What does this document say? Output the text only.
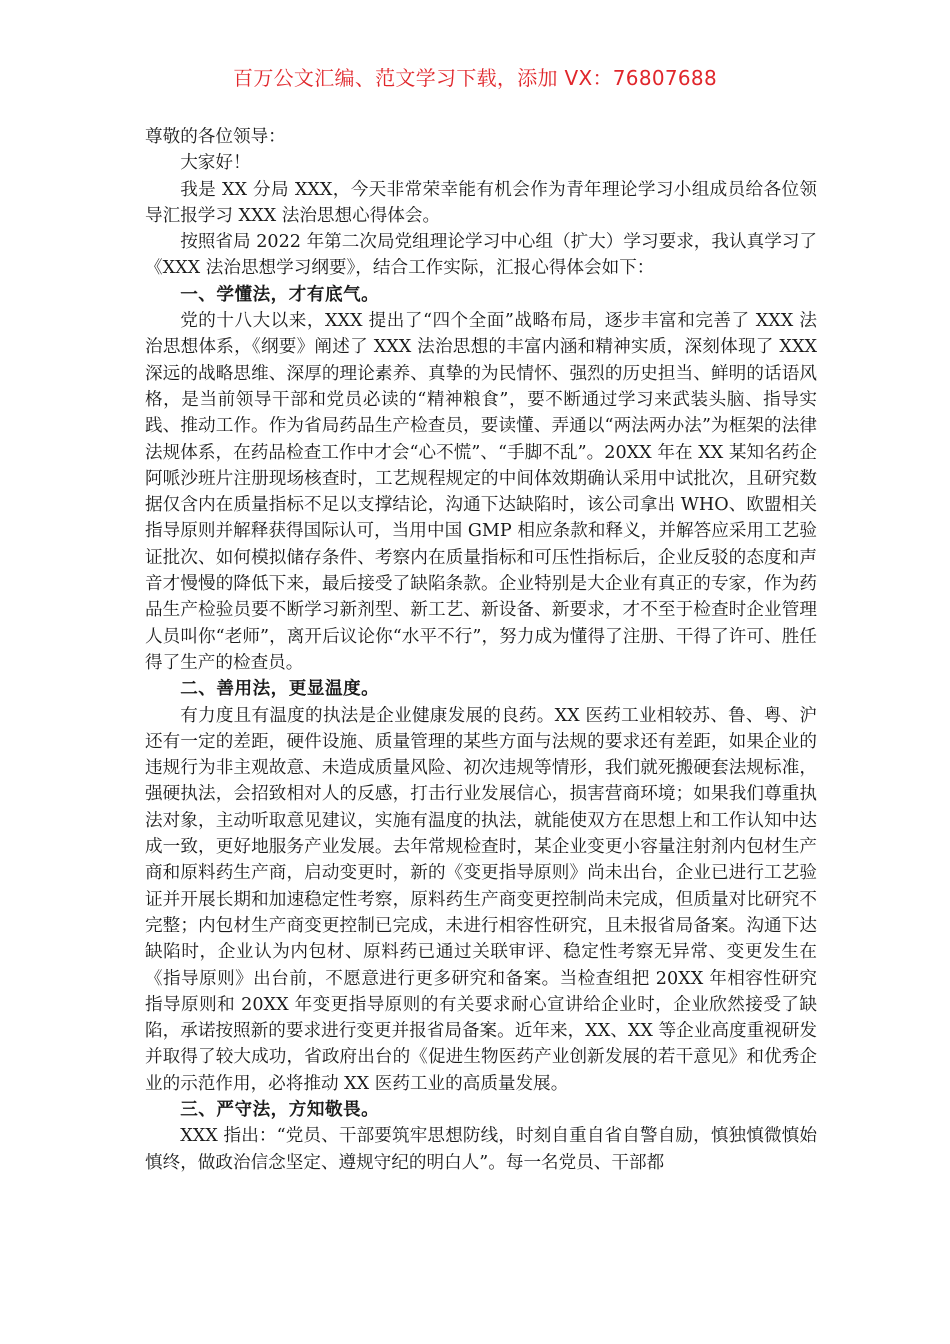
百万公文汇编、范文学习下载，添加 VX：76807688

尊敬的各位领导：

大家好！

我是 XX 分局 XXX，今天非常荣幸能有机会作为青年理论学习小组成员给各位领导汇报学习 XXX 法治思想心得体会。

按照省局 2022 年第二次局党组理论学习中心组（扩大）学习要求，我认真学习了《XXX 法治思想学习纲要》，结合工作实际，汇报心得体会如下：

一、学懂法，才有底气。

党的十八大以来，XXX 提出了“四个全面”战略布局，逐步丰富和完善了 XXX 法治思想体系，《纲要》阐述了 XXX 法治思想的丰富内涵和精神实质，深刻体现了 XXX 深远的战略思维、深厚的理论素养、真挚的为民情怀、强烈的历史担当、鲜明的话语风格，是当前领导干部和党员必读的“精神粮食”，要不断通过学习来武装头脑、指导实践、推动工作。作为省局药品生产检查员，要读懂、弄通以“两法两办法”为框架的法律法规体系，在药品检查工作中才会“心不慌”、“手脚不乱”。20XX 年在 XX 某知名药企阿哌沙班片注册现场核查时，工艺规程规定的中间体效期确认采用中试批次，且研究数据仅含内在质量指标不足以支撑结论，沟通下达缺陷时，该公司拿出 WHO、欧盟相关指导原则并解释获得国际认可，当用中国 GMP 相应条款和释义，并解答应采用工艺验证批次、如何模拟储存条件、考察内在质量指标和可压性指标后，企业反驳的态度和声音才慢慢的降低下来，最后接受了缺陷条款。企业特别是大企业有真正的专家，作为药品生产检验员要不断学习新剂型、新工艺、新设备、新要求，才不至于检查时企业管理人员叫你“老师”，离开后议论你“水平不行”，努力成为懂得了注册、干得了许可、胜任得了生产的检查员。

二、善用法，更显温度。

有力度且有温度的执法是企业健康发展的良药。XX 医药工业相较苏、鲁、粤、沪还有一定的差距，硬件设施、质量管理的某些方面与法规的要求还有差距，如果企业的违规行为非主观故意、未造成质量风险、初次违规等情形，我们就死搬硬套法规标准，强硬执法，会招致相对人的反感，打击行业发展信心，损害营商环境；如果我们尊重执法对象，主动听取意见建议，实施有温度的执法，就能使双方在思想上和工作认知中达成一致，更好地服务产业发展。去年常规检查时，某企业变更小容量注射剂内包材生产商和原料药生产商，启动变更时，新的《变更指导原则》尚未出台，企业已进行工艺验证并开展长期和加速稳定性考察，原料药生产商变更控制尚未完成，但质量对比研究不完整；内包材生产商变更控制已完成，未进行相容性研究，且未报省局备案。沟通下达缺陷时，企业认为内包材、原料药已通过关联审评、稳定性考察无异常、变更发生在《指导原则》出台前，不愿意进行更多研究和备案。当检查组把 20XX 年相容性研究指导原则和 20XX 年变更指导原则的有关要求耐心宣讲给企业时，企业欣然接受了缺陷，承诺按照新的要求进行变更并报省局备案。近年来，XX、XX 等企业高度重视研发并取得了较大成功，省政府出台的《促进生物医药产业创新发展的若干意见》和优秀企业的示范作用，必将推动 XX 医药工业的高质量发展。

三、严守法，方知敬畏。

XXX 指出：“党员、干部要筑牢思想防线，时刻自重自省自警自励，慎独慎微慎始慎终，做政治信念坚定、遵规守纪的明白人”。每一名党员、干部都
